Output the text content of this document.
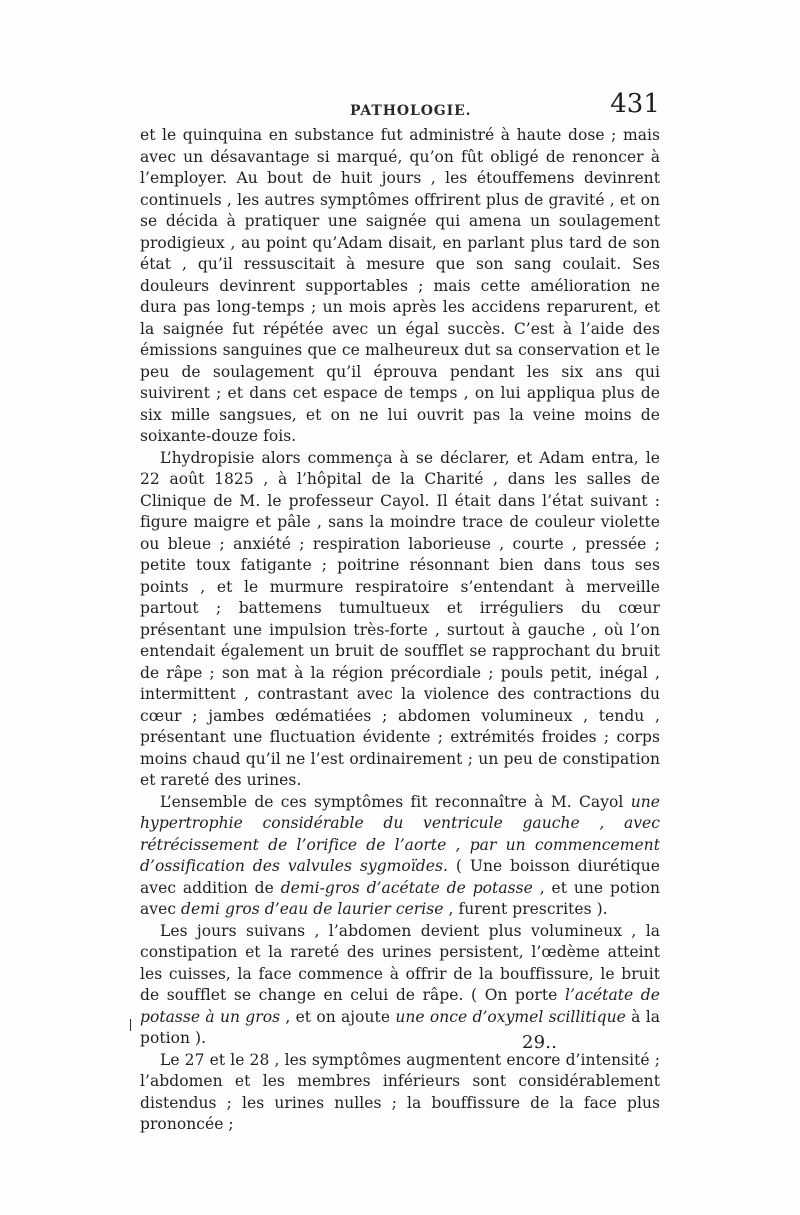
PATHOLOGIE.	431

et le quinquina en substance fut administré à haute dose ; mais avec un désavantage si marqué, qu’on fût obligé de renoncer à l’employer. Au bout de huit jours , les étouffemens devinrent continuels , les autres symptômes offrirent plus de gravité , et on se décida à pratiquer une saignée qui amena un soulagement prodigieux , au point qu’Adam disait, en parlant plus tard de son état , qu’il ressuscitait à mesure que son sang coulait. Ses douleurs devinrent supportables ; mais cette amélioration ne dura pas long-temps ; un mois après les accidens reparurent, et la saignée fut répétée avec un égal succès. C’est à l’aide des émissions sanguines que ce malheureux dut sa conservation et le peu de soulagement qu’il éprouva pendant les six ans qui suivirent ; et dans cet espace de temps , on lui appliqua plus de six mille sangsues, et on ne lui ouvrit pas la veine moins de soixante-douze fois.

L’hydropisie alors commença à se déclarer, et Adam entra, le 22 août 1825 , à l’hôpital de la Charité , dans les salles de Clinique de M. le professeur Cayol. Il était dans l’état suivant : figure maigre et pâle , sans la moindre trace de couleur violette ou bleue ; anxiété ; respiration laborieuse , courte , pressée ; petite toux fatigante ; poitrine résonnant bien dans tous ses points , et le murmure respiratoire s’entendant à merveille partout ; battemens tumultueux et irréguliers du cœur présentant une impulsion très-forte , surtout à gauche , où l’on entendait également un bruit de soufflet se rapprochant du bruit de râpe ; son mat à la région précordiale ; pouls petit, inégal , intermittent , contrastant avec la violence des contractions du cœur ; jambes œdématiées ; abdomen volumineux , tendu , présentant une fluctuation évidente ; extrémités froides ; corps moins chaud qu’il ne l’est ordinairement ; un peu de constipation et rareté des urines.

L’ensemble de ces symptômes fit reconnaître à M. Cayol une hypertrophie considérable du ventricule gauche , avec rétrécissement de l’orifice de l’aorte , par un commencement d’ossification des valvules sygmoïdes. ( Une boisson diurétique avec addition de demi-gros d’acétate de potasse , et une potion avec demi gros d’eau de laurier cerise , furent prescrites ).

Les jours suivans , l’abdomen devient plus volumineux , la constipation et la rareté des urines persistent, l’œdème atteint les cuisses, la face commence à offrir de la bouffissure, le bruit de soufflet se change en celui de râpe. ( On porte l’acétate de potasse à un gros , et on ajoute une once d’oxymel scillitique à la potion ).

Le 27 et le 28 , les symptômes augmentent encore d’intensité ; l’abdomen et les membres inférieurs sont considérablement distendus ; les urines nulles ; la bouffissure de la face plus prononcée ;

29..
